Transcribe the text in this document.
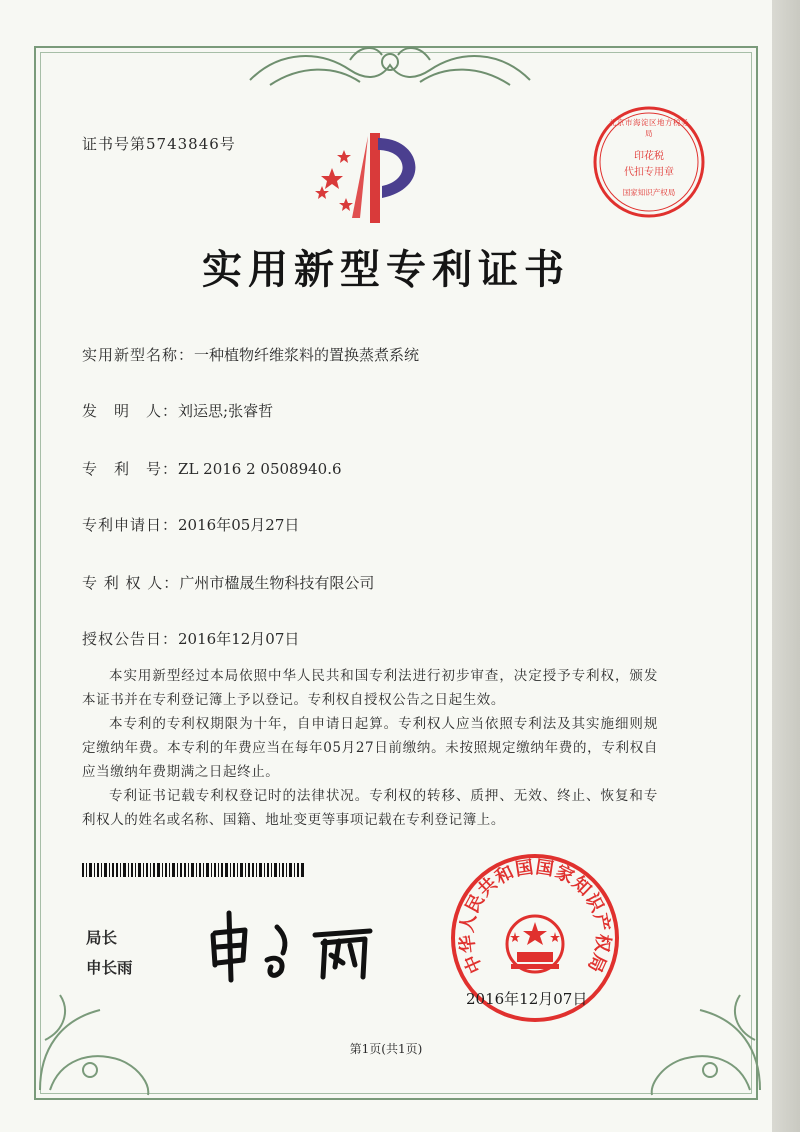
证书号第5743846号
北京市海淀区地方税务局
印花税
代扣专用章
国家知识产权局
实用新型专利证书
实用新型名称：一种植物纤维浆料的置换蒸煮系统
发　明　人：刘运思;张睿哲
专　利　号：ZL 2016 2 0508940.6
专利申请日：2016年05月27日
专 利 权 人：广州市楹晟生物科技有限公司
授权公告日：2016年12月07日

本实用新型经过本局依照中华人民共和国专利法进行初步审查，决定授予专利权，颁发本证书并在专利登记簿上予以登记。专利权自授权公告之日起生效。

本专利的专利权期限为十年，自申请日起算。专利权人应当依照专利法及其实施细则规定缴纳年费。本专利的年费应当在每年05月27日前缴纳。未按照规定缴纳年费的，专利权自应当缴纳年费期满之日起终止。

专利证书记载专利权登记时的法律状况。专利权的转移、质押、无效、终止、恢复和专利权人的姓名或名称、国籍、地址变更等事项记载在专利登记簿上。

局长
申长雨	中华人民共和国国家知识产权局
2016年12月07日
第1页(共1页)
